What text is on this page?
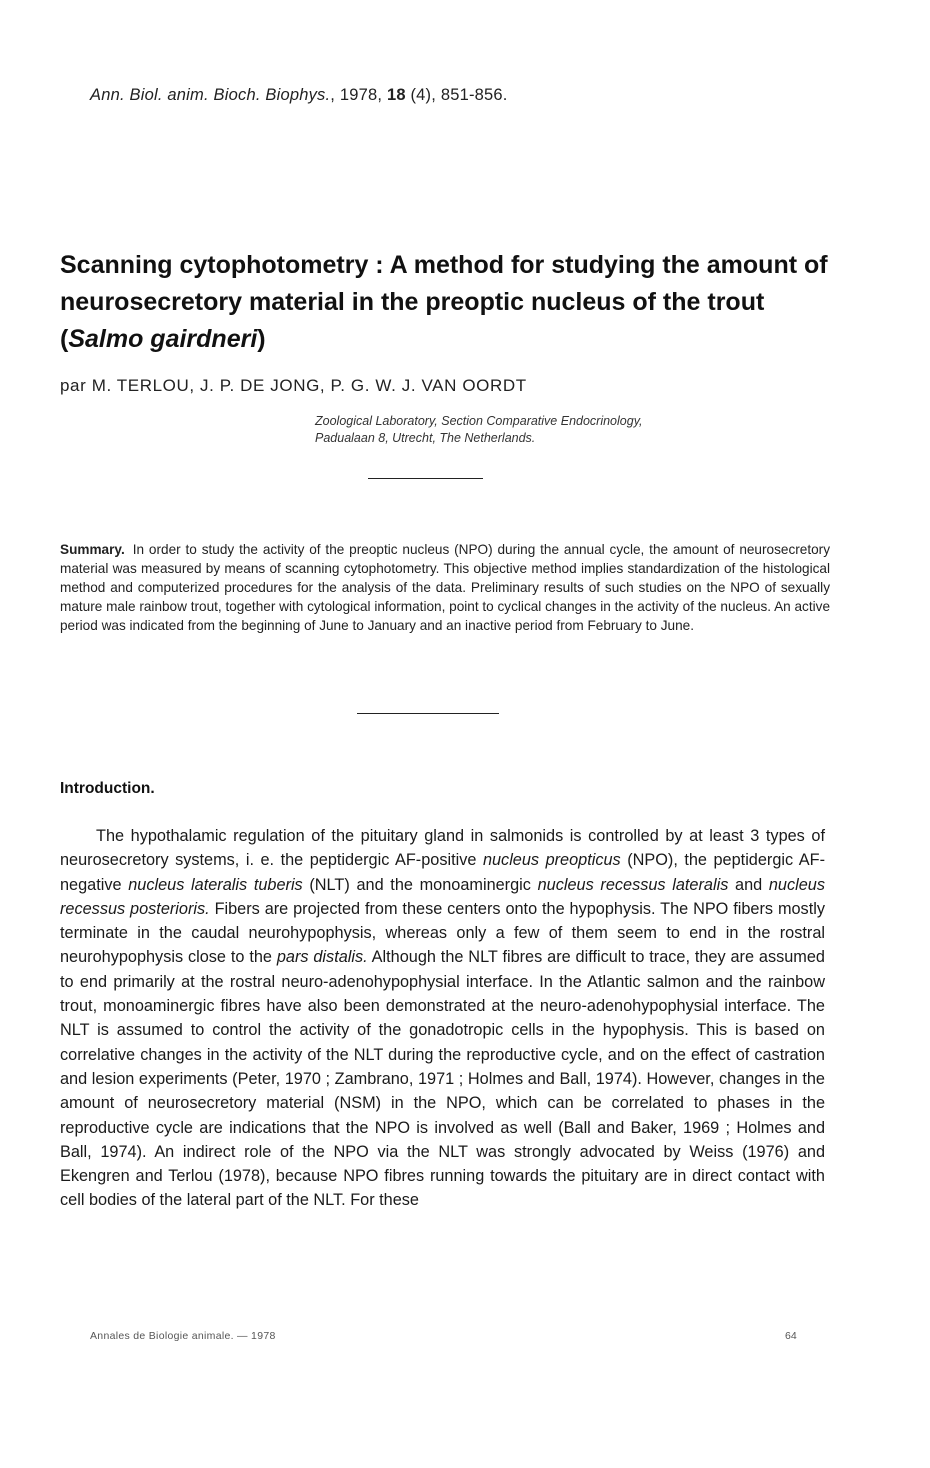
Ann. Biol. anim. Bioch. Biophys., 1978, 18 (4), 851-856.
Scanning cytophotometry : A method for studying the amount of neurosecretory material in the preoptic nucleus of the trout (Salmo gairdneri)
par M. TERLOU, J. P. DE JONG, P. G. W. J. VAN OORDT
Zoological Laboratory, Section Comparative Endocrinology,
Padualaan 8, Utrecht, The Netherlands.
Summary. In order to study the activity of the preoptic nucleus (NPO) during the annual cycle, the amount of neurosecretory material was measured by means of scanning cytophotometry. This objective method implies standardization of the histological method and computerized procedures for the analysis of the data. Preliminary results of such studies on the NPO of sexually mature male rainbow trout, together with cytological information, point to cyclical changes in the activity of the nucleus. An active period was indicated from the beginning of June to January and an inactive period from February to June.
Introduction.

The hypothalamic regulation of the pituitary gland in salmonids is controlled by at least 3 types of neurosecretory systems, i. e. the peptidergic AF-positive nucleus preopticus (NPO), the peptidergic AF-negative nucleus lateralis tuberis (NLT) and the monoaminergic nucleus recessus lateralis and nucleus recessus posterioris. Fibers are projected from these centers onto the hypophysis. The NPO fibers mostly terminate in the caudal neurohypophysis, whereas only a few of them seem to end in the rostral neurohypophysis close to the pars distalis. Although the NLT fibres are difficult to trace, they are assumed to end primarily at the rostral neuro-adenohypophysial interface. In the Atlantic salmon and the rainbow trout, monoaminergic fibres have also been demonstrated at the neuro-adenohypophysial interface. The NLT is assumed to control the activity of the gonadotropic cells in the hypophysis. This is based on correlative changes in the activity of the NLT during the reproductive cycle, and on the effect of castration and lesion experiments (Peter, 1970 ; Zambrano, 1971 ; Holmes and Ball, 1974). However, changes in the amount of neurosecretory material (NSM) in the NPO, which can be correlated to phases in the reproductive cycle are indications that the NPO is involved as well (Ball and Baker, 1969 ; Holmes and Ball, 1974). An indirect role of the NPO via the NLT was strongly advocated by Weiss (1976) and Ekengren and Terlou (1978), because NPO fibres running towards the pituitary are in direct contact with cell bodies of the lateral part of the NLT. For these

Annales de Biologie animale. — 1978	64
